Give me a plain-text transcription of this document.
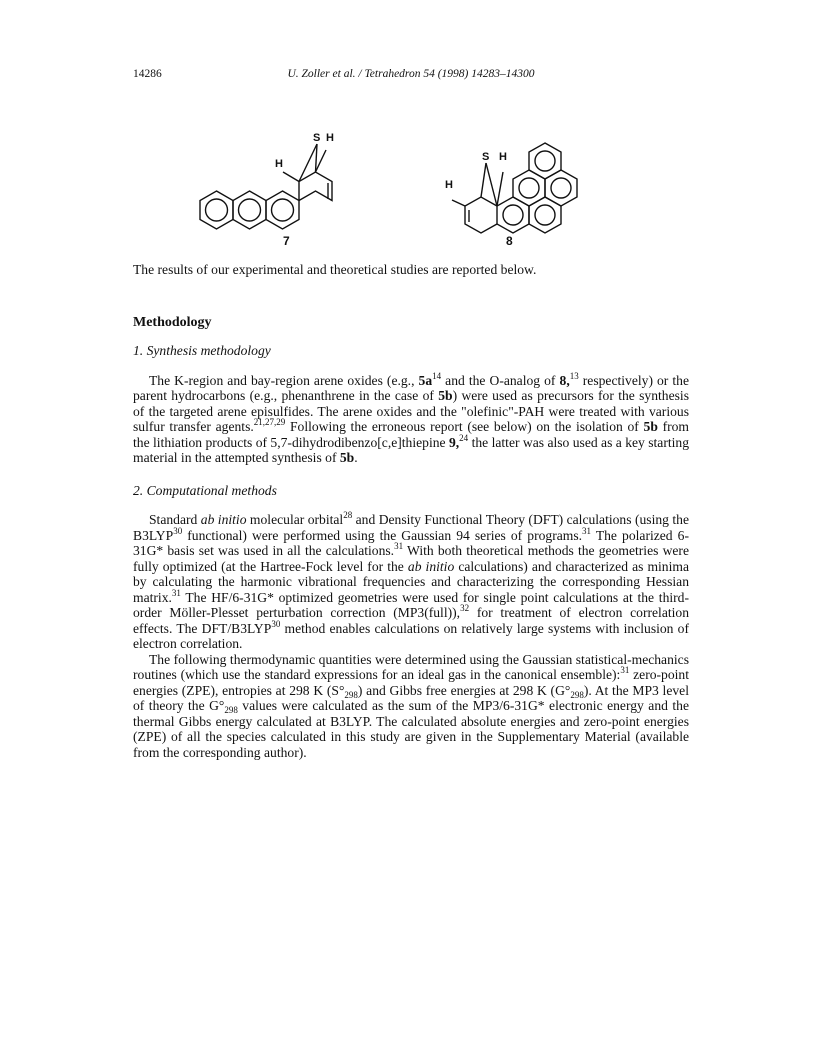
14286	U. Zoller et al. / Tetrahedron 54 (1998) 14283–14300
S H
H
7
S H
H
8

The results of our experimental and theoretical studies are reported below.

Methodology
1. Synthesis methodology

The K-region and bay-region arene oxides (e.g., $5a^{14}$ and the O-analog of 8,13 respectively) or the parent hydrocarbons (e.g., phenanthrene in the case of 5b) were used as precursors for the synthesis of the targeted arene episulfides. The arene oxides and the "olefinic"-PAH were treated with various sulfur transfer agents.$^{21,27,29}$ Following the erroneous report (see below) on the isolation of 5b from the lithiation products of 5,7-dihydrodibenzo[c,e]thiepine 9,24 the latter was also used as a key starting material in the attempted synthesis of 5b.

2. Computational methods

Standard ab initio molecular orbital$^{28}$ and Density Functional Theory (DFT) calculations (using the B3LYP$^{30}$ functional) were performed using the Gaussian 94 series of programs.$^{31}$ The polarized 6-31G* basis set was used in all the calculations.$^{31}$ With both theoretical methods the geometries were fully optimized (at the Hartree-Fock level for the ab initio calculations) and characterized as minima by calculating the harmonic vibrational frequencies and characterizing the corresponding Hessian matrix.$^{31}$ The HF/6-31G* optimized geometries were used for single point calculations at the third-order Möller-Plesset perturbation correction (MP3(full)),$^{32}$ for treatment of electron correlation effects. The DFT/B3LYP$^{30}$ method enables calculations on relatively large systems with inclusion of electron correlation.

The following thermodynamic quantities were determined using the Gaussian statistical-mechanics routines (which use the standard expressions for an ideal gas in the canonical ensemble):$^{31}$ zero-point energies (ZPE), entropies at 298 K $(S^\circ_{298})$ and Gibbs free energies at 298 K $(G^\circ_{298})$. At the MP3 level of theory the $G^\circ_{298}$ values were calculated as the sum of the MP3/6-31G* electronic energy and the thermal Gibbs energy calculated at B3LYP. The calculated absolute energies and zero-point energies (ZPE) of all the species calculated in this study are given in the Supplementary Material (available from the corresponding author).
